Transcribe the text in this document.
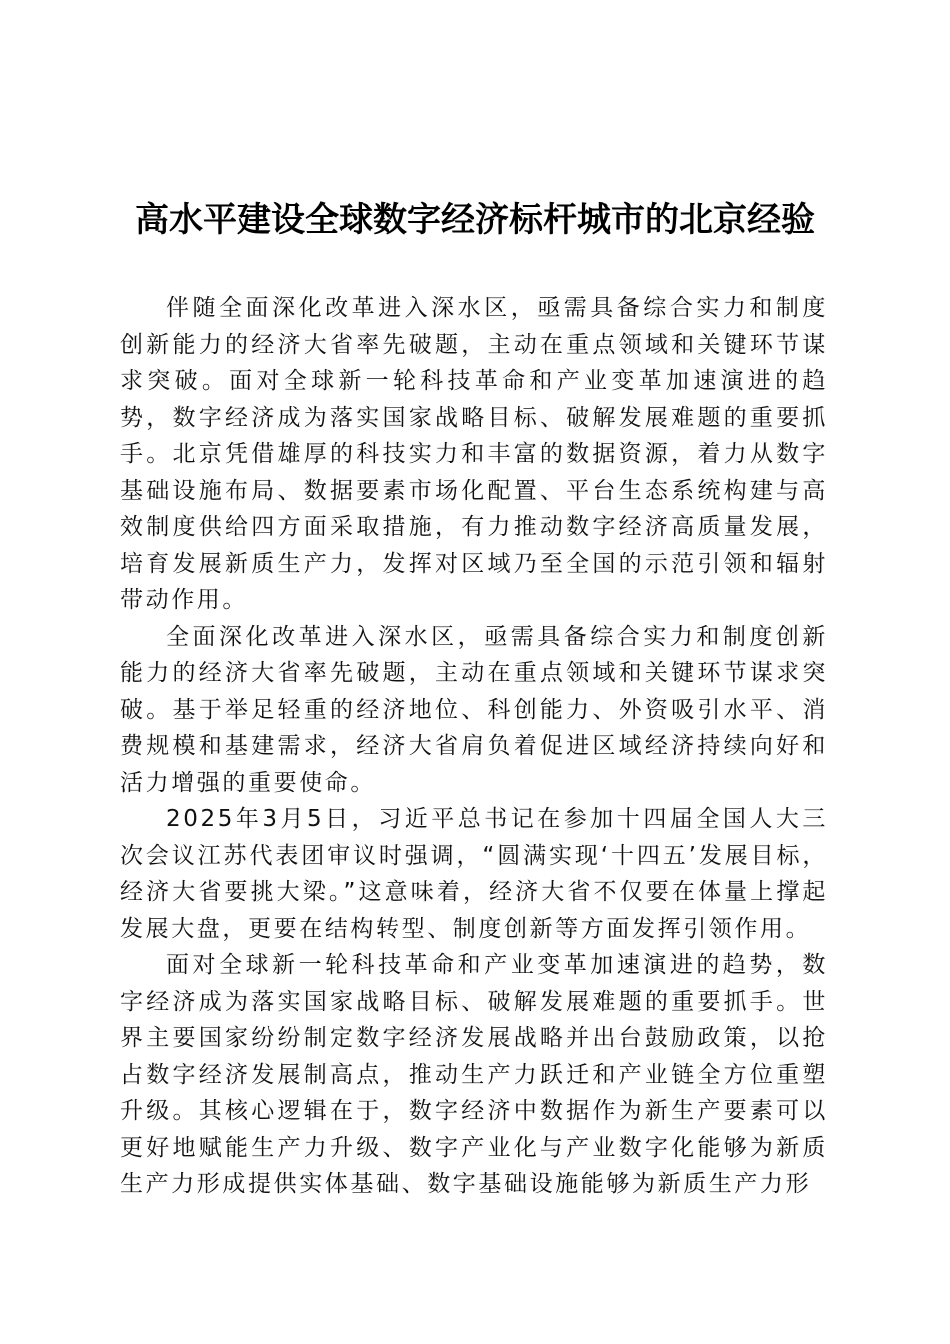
高水平建设全球数字经济标杆城市的北京经验

伴随全面深化改革进入深水区，亟需具备综合实力和制度创新能力的经济大省率先破题，主动在重点领域和关键环节谋求突破。面对全球新一轮科技革命和产业变革加速演进的趋势，数字经济成为落实国家战略目标、破解发展难题的重要抓手。北京凭借雄厚的科技实力和丰富的数据资源，着力从数字基础设施布局、数据要素市场化配置、平台生态系统构建与高效制度供给四方面采取措施，有力推动数字经济高质量发展，培育发展新质生产力，发挥对区域乃至全国的示范引领和辐射带动作用。

全面深化改革进入深水区，亟需具备综合实力和制度创新能力的经济大省率先破题，主动在重点领域和关键环节谋求突破。基于举足轻重的经济地位、科创能力、外资吸引水平、消费规模和基建需求，经济大省肩负着促进区域经济持续向好和活力增强的重要使命。

2025年3月5日，习近平总书记在参加十四届全国人大三次会议江苏代表团审议时强调，“圆满实现‘十四五’发展目标，经济大省要挑大梁。”这意味着，经济大省不仅要在体量上撑起发展大盘，更要在结构转型、制度创新等方面发挥引领作用。

面对全球新一轮科技革命和产业变革加速演进的趋势，数字经济成为落实国家战略目标、破解发展难题的重要抓手。世界主要国家纷纷制定数字经济发展战略并出台鼓励政策，以抢占数字经济发展制高点，推动生产力跃迁和产业链全方位重塑升级。其核心逻辑在于，数字经济中数据作为新生产要素可以更好地赋能生产力升级、数字产业化与产业数字化能够为新质生产力形成提供实体基础、数字基础设施能够为新质生产力形
